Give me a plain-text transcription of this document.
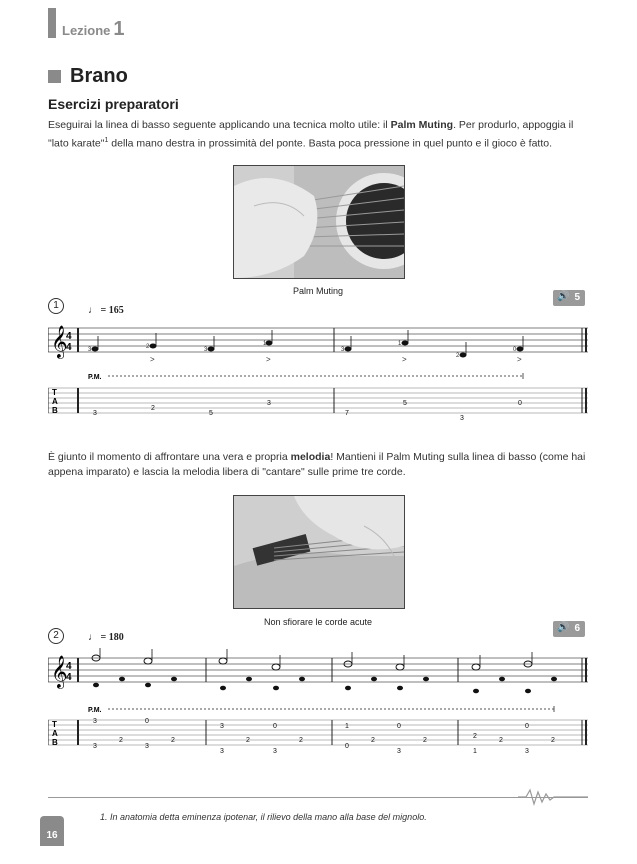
Lezione 1
Brano
Esercizi preparatori
Eseguirai la linea di basso seguente applicando una tecnica molto utile: il Palm Muting. Per produrlo, appoggia il "lato karate"$^1$ della mano destra in prossimità del ponte. Basta poca pressione in quel punto e il gioco è fatto.
Palm Muting
1	♩ = 165
🔊 5
𝄞
4
4	3	2	3
1
3
1
2
0
>	>	>	>
P.M.
T
A
B	3
2
5
3
7
5
3
0
È giunto il momento di affrontare una vera e propria melodia! Mantieni il Palm Muting sulla linea di basso (come hai appena imparato) e lascia la melodia libera di "cantare" sulle prime tre corde.
Non sfiorare le corde acute
2	♩ = 180
🔊 6
𝄞
4
4
P.M.
T
A
B
3	0
3	0	1	0
2
0
3
2
3
2
3
2
3
2
0
2
3
2
1
2
3
2
1. In anatomia detta eminenza ipotenar, il rilievo della mano alla base del mignolo.
16
